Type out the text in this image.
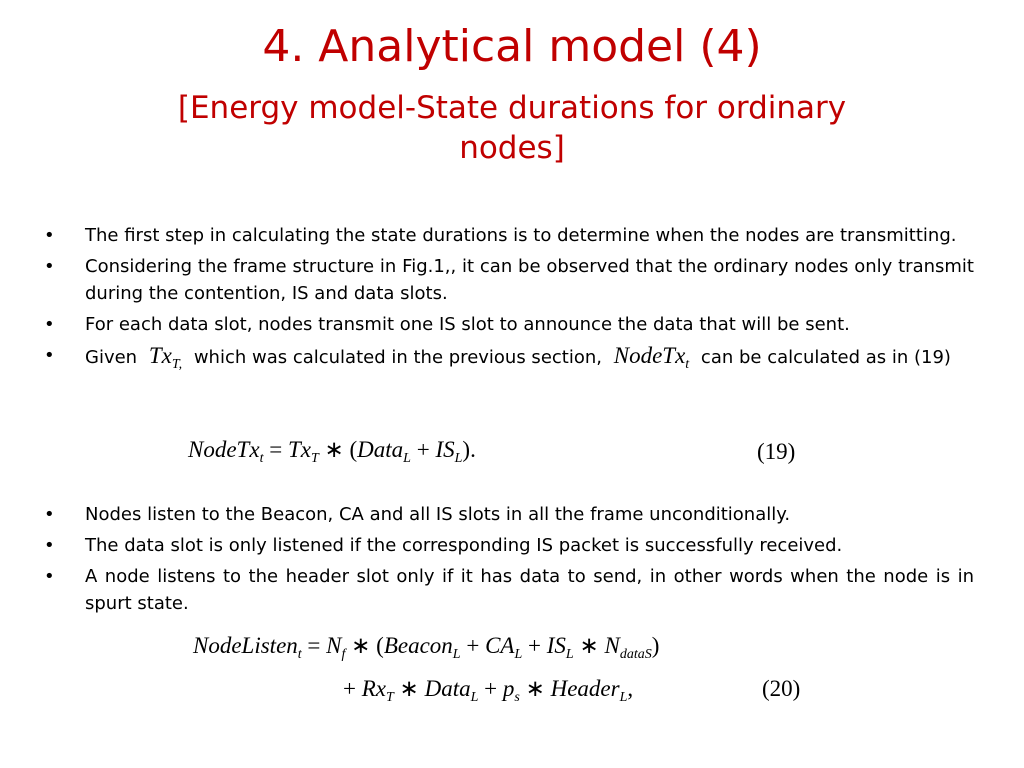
4. Analytical model (4)
[Energy model-State durations for ordinary
nodes]
• The first step in calculating the state durations is to determine when the nodes are transmitting.
• Considering the frame structure in Fig.1,, it can be observed that the ordinary nodes only transmit during the contention, IS and data slots.
• For each data slot, nodes transmit one IS slot to announce the data that will be sent.
• Given $Tx_{T,}$ which was calculated in the previous section, NodeTx$_t$ can be calculated as in (19)
NodeTx$_t$ = $Tx_T$ ∗ (Data$_L$ + $IS_L$).	(19)
• Nodes listen to the Beacon, CA and all IS slots in all the frame unconditionally.
• The data slot is only listened if the corresponding IS packet is successfully received.
• A node listens to the header slot only if it has data to send, in other words when the node is in spurt state.
NodeListen$_t$ = $N_f$ ∗ (Beacon$_L$ + $CA_L + IS_L$ ∗ $N_{dataS}$)
+ $Rx_T$ ∗ Data$_L$ + $p_s$ ∗ Header$_L$,	(20)
